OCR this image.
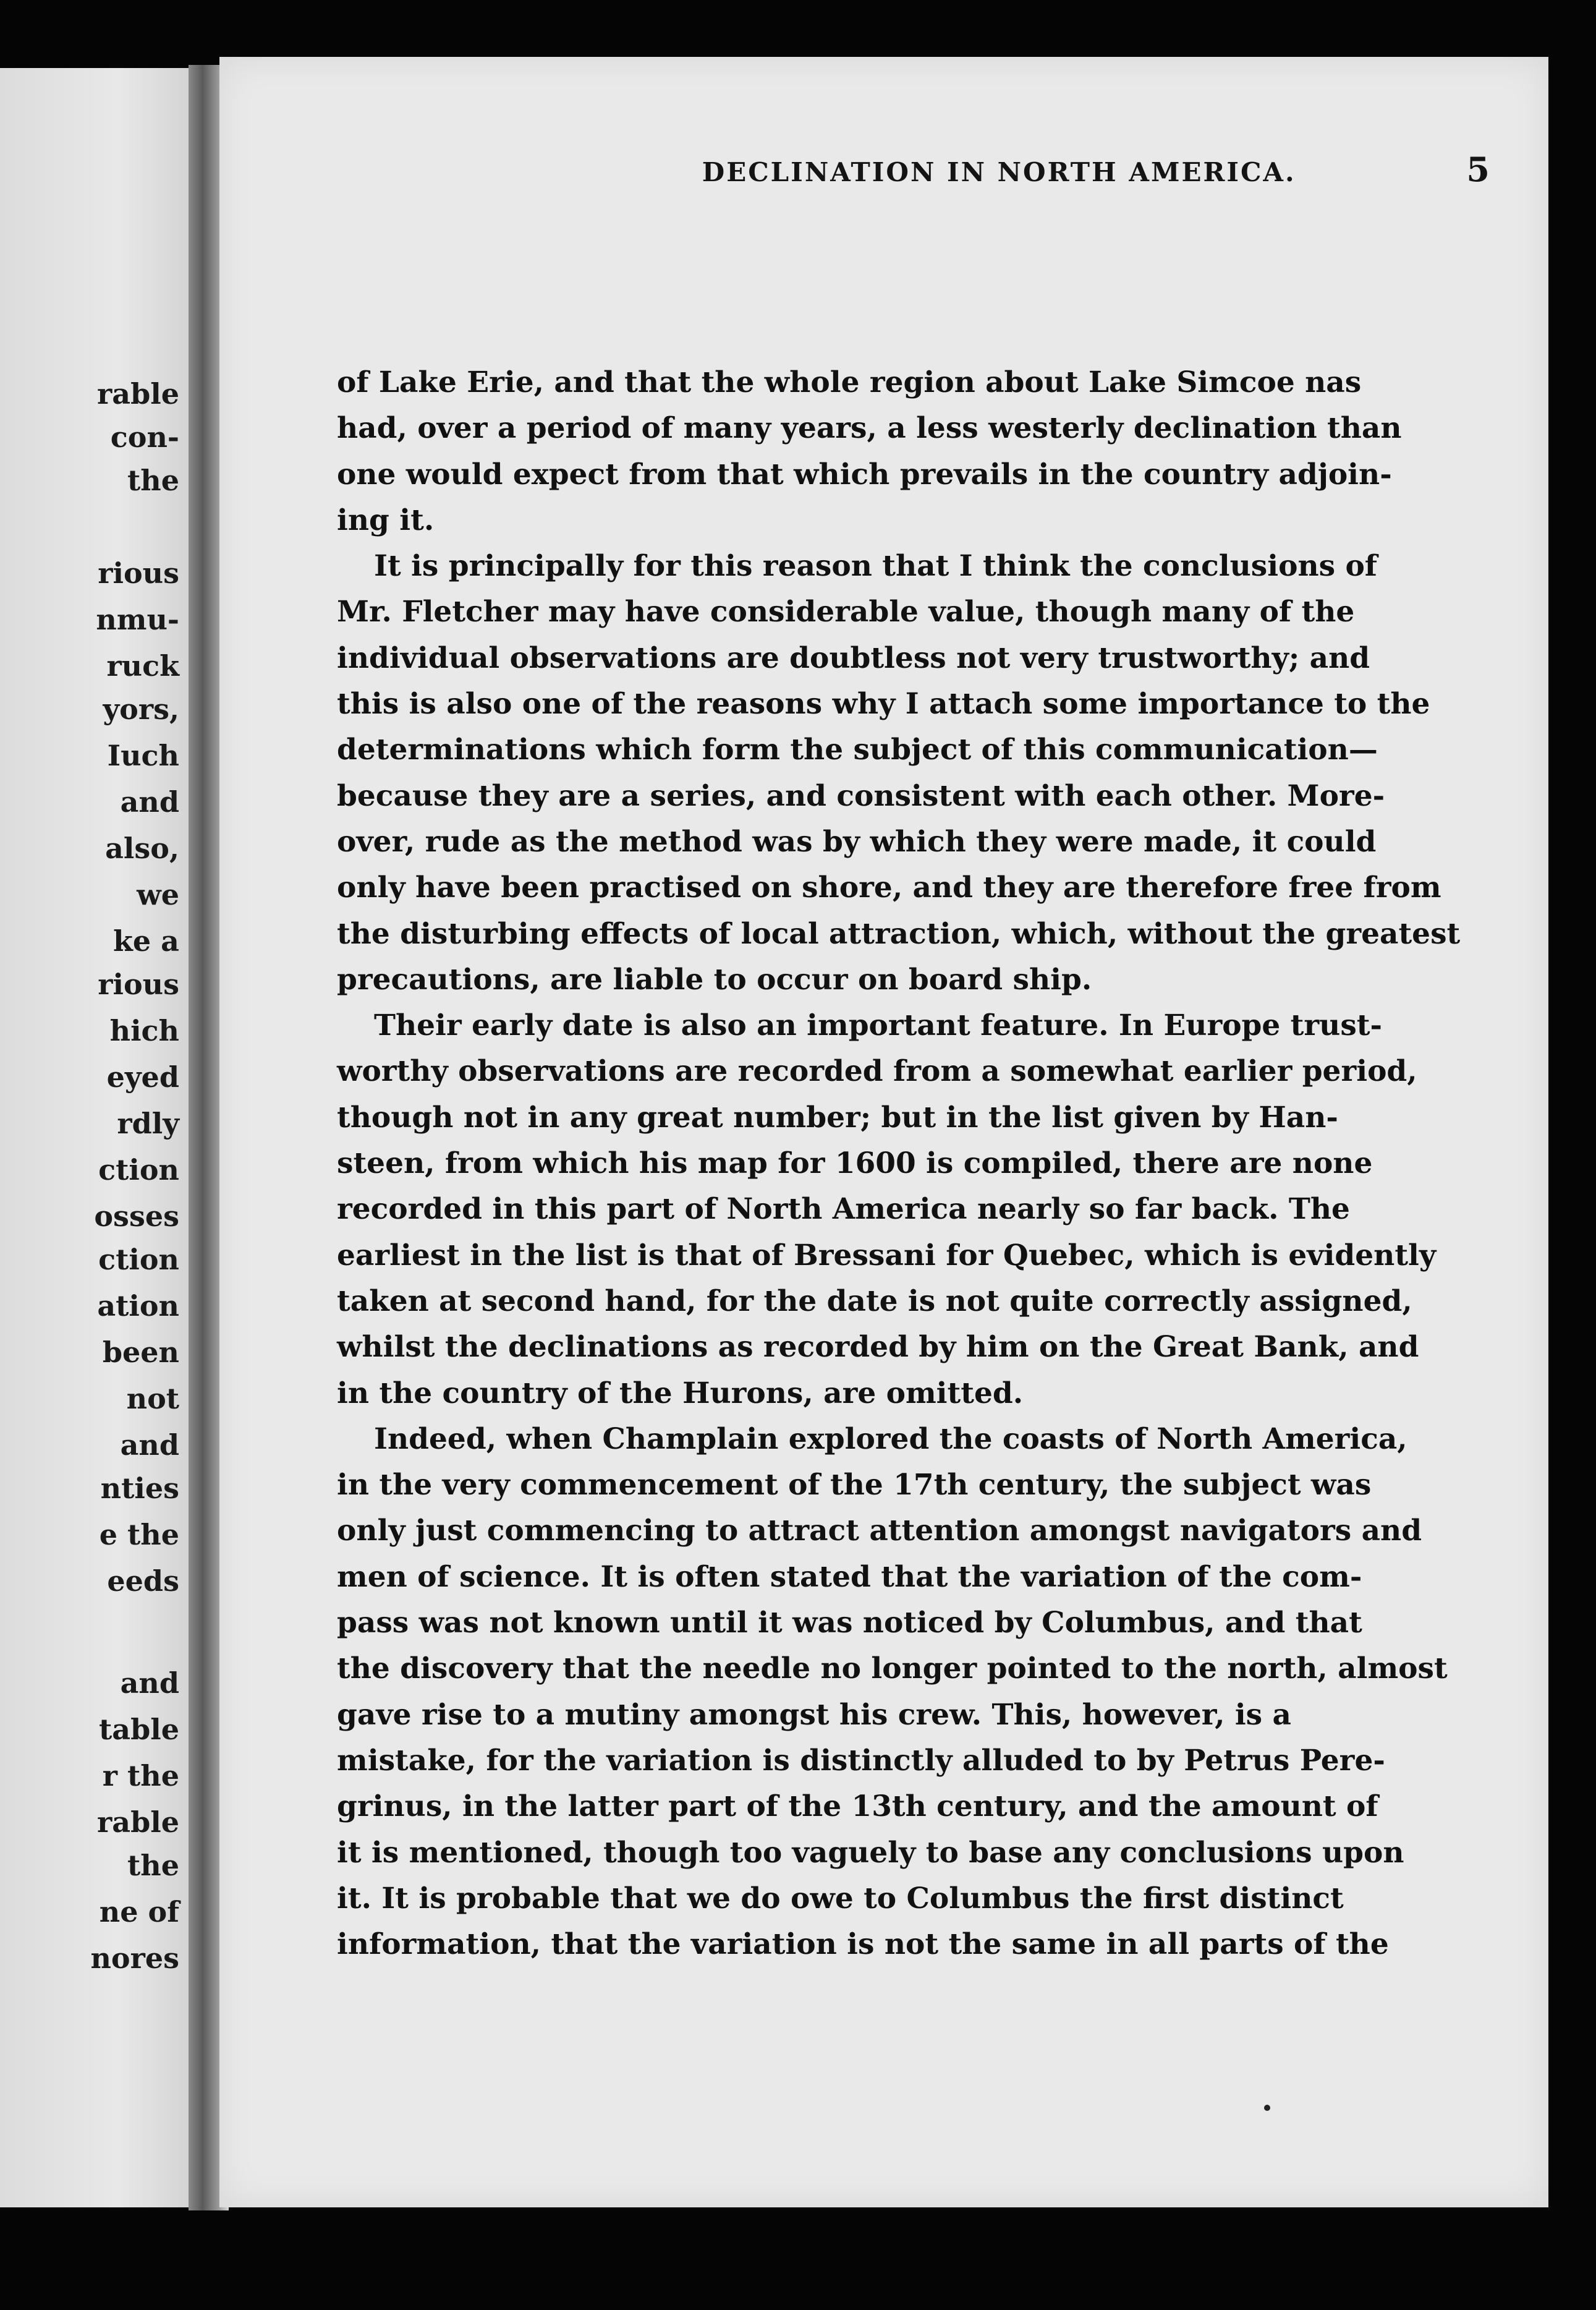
rable

con-

the

rious

nmu-

ruck

yors,

Iuch

and

also,

we

ke a

rious

hich

eyed

rdly

ction

osses

ction

ation

been

not

and

nties

e the

eeds

and

table

r the

rable

the

ne of

nores

DECLINATION IN NORTH AMERICA.	5
of Lake Erie, and that the whole region about Lake Simcoe nas
had, over a period of many years, a less westerly declination than
one would expect from that which prevails in the country adjoin-
ing it.
It is principally for this reason that I think the conclusions of
Mr. Fletcher may have considerable value, though many of the
individual observations are doubtless not very trustworthy; and
this is also one of the reasons why I attach some importance to the
determinations which form the subject of this communication—
because they are a series, and consistent with each other. More-
over, rude as the method was by which they were made, it could
only have been practised on shore, and they are therefore free from
the disturbing effects of local attraction, which, without the greatest
precautions, are liable to occur on board ship.
Their early date is also an important feature. In Europe trust-
worthy observations are recorded from a somewhat earlier period,
though not in any great number; but in the list given by Han-
steen, from which his map for 1600 is compiled, there are none
recorded in this part of North America nearly so far back. The
earliest in the list is that of Bressani for Quebec, which is evidently
taken at second hand, for the date is not quite correctly assigned,
whilst the declinations as recorded by him on the Great Bank, and
in the country of the Hurons, are omitted.
Indeed, when Champlain explored the coasts of North America,
in the very commencement of the 17th century, the subject was
only just commencing to attract attention amongst navigators and
men of science. It is often stated that the variation of the com-
pass was not known until it was noticed by Columbus, and that
the discovery that the needle no longer pointed to the north, almost
gave rise to a mutiny amongst his crew. This, however, is a
mistake, for the variation is distinctly alluded to by Petrus Pere-
grinus, in the latter part of the 13th century, and the amount of
it is mentioned, though too vaguely to base any conclusions upon
it. It is probable that we do owe to Columbus the first distinct
information, that the variation is not the same in all parts of the
